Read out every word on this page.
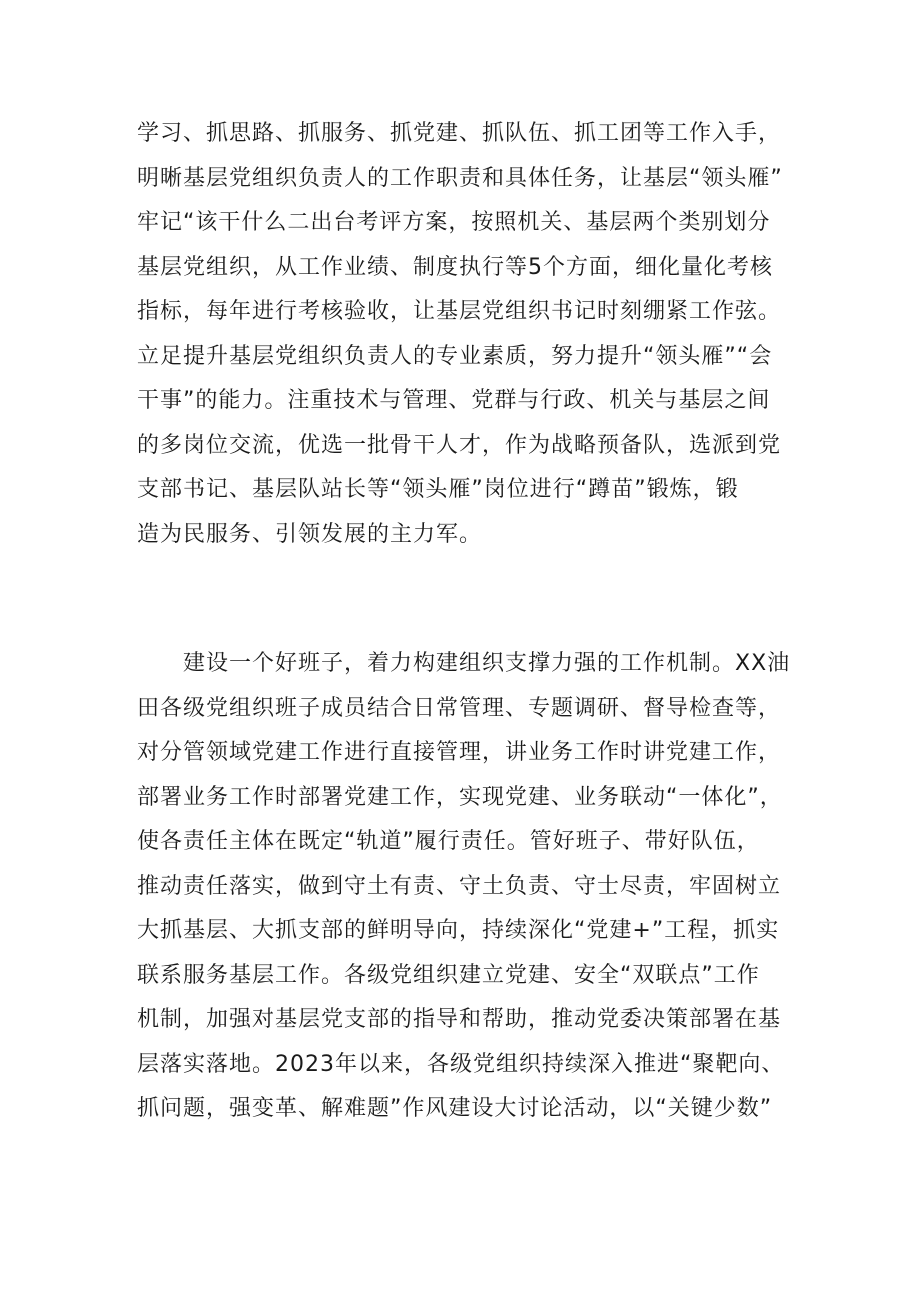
学习、抓思路、抓服务、抓党建、抓队伍、抓工团等工作入手，
明晰基层党组织负责人的工作职责和具体任务，让基层“领头雁”
牢记“该干什么二出台考评方案，按照机关、基层两个类别划分
基层党组织，从工作业绩、制度执行等5个方面，细化量化考核
指标，每年进行考核验收，让基层党组织书记时刻绷紧工作弦。
立足提升基层党组织负责人的专业素质，努力提升“领头雁”“会
干事”的能力。注重技术与管理、党群与行政、机关与基层之间
的多岗位交流，优选一批骨干人才，作为战略预备队，选派到党
支部书记、基层队站长等“领头雁”岗位进行“蹲苗”锻炼，锻
造为民服务、引领发展的主力军。
建设一个好班子，着力构建组织支撑力强的工作机制。XX油
田各级党组织班子成员结合日常管理、专题调研、督导检查等，
对分管领域党建工作进行直接管理，讲业务工作时讲党建工作，
部署业务工作时部署党建工作，实现党建、业务联动“一体化”，
使各责任主体在既定“轨道”履行责任。管好班子、带好队伍，
推动责任落实，做到守土有责、守土负责、守士尽责，牢固树立
大抓基层、大抓支部的鲜明导向，持续深化“党建+”工程，抓实
联系服务基层工作。各级党组织建立党建、安全“双联点”工作
机制，加强对基层党支部的指导和帮助，推动党委决策部署在基
层落实落地。2023年以来，各级党组织持续深入推进“聚靶向、
抓问题，强变革、解难题”作风建设大讨论活动，以“关键少数”
